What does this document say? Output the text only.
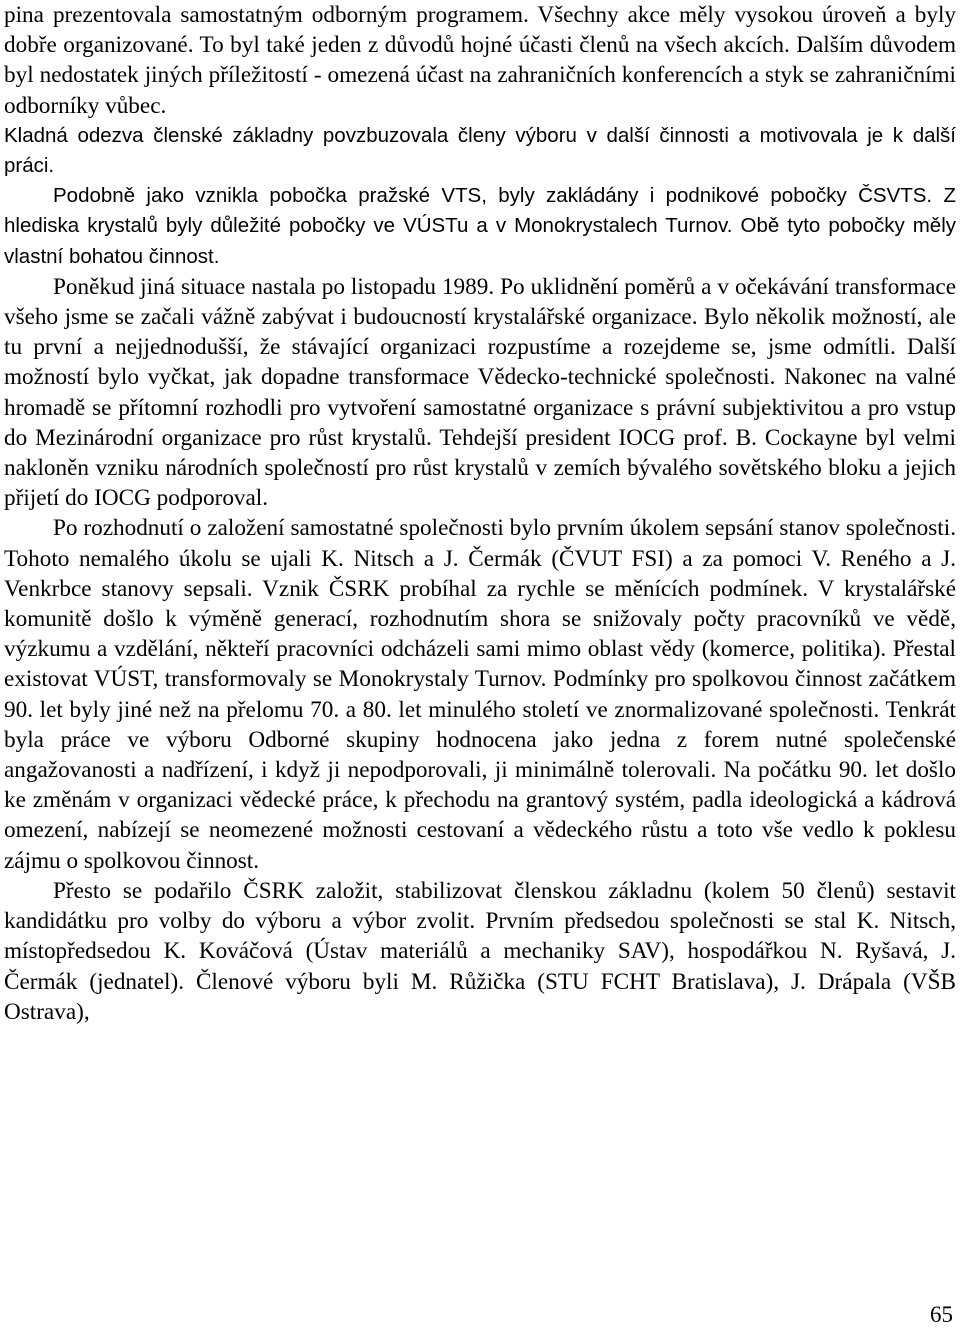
pina prezentovala samostatným odborným programem. Všechny akce měly vysokou úroveň a byly dobře organizované. To byl také jeden z důvodů hojné účasti členů na všech akcích. Dalším důvodem byl nedostatek jiných příležitostí - omezená účast na zahraničních konferencích a styk se zahraničními odborníky vůbec.

Kladná odezva členské základny povzbuzovala členy výboru v další činnosti a motivovala je k další práci.

Podobně jako vznikla pobočka pražské VTS, byly zakládány i podnikové pobočky ČSVTS. Z hlediska krystalů byly důležité pobočky ve VÚSTu a v Monokrystalech Turnov. Obě tyto pobočky měly vlastní bohatou činnost.

Poněkud jiná situace nastala po listopadu 1989. Po uklidnění poměrů a v očekávání transformace všeho jsme se začali vážně zabývat i budoucností krystalářské organizace. Bylo několik možností, ale tu první a nejjednodušší, že stávající organizaci rozpustíme a rozejdeme se, jsme odmítli. Další možností bylo vyčkat, jak dopadne transformace Vědecko-technické společnosti. Nakonec na valné hromadě se přítomní rozhodli pro vytvoření samostatné organizace s právní subjektivitou a pro vstup do Mezinárodní organizace pro růst krystalů. Tehdejší president IOCG prof. B. Cockayne byl velmi nakloněn vzniku národních společností pro růst krystalů v zemích bývalého sovětského bloku a jejich přijetí do IOCG podporoval.

Po rozhodnutí o založení samostatné společnosti bylo prvním úkolem sepsání stanov společnosti. Tohoto nemalého úkolu se ujali K. Nitsch a J. Čermák (ČVUT FSI) a za pomoci V. Reného a J. Venkrbce stanovy sepsali. Vznik ČSRK probíhal za rychle se měnících podmínek. V krystalářské komunitě došlo k výměně generací, rozhodnutím shora se snižovaly počty pracovníků ve vědě, výzkumu a vzdělání, někteří pracovníci odcházeli sami mimo oblast vědy (komerce, politika). Přestal existovat VÚST, transformovaly se Monokrystaly Turnov. Podmínky pro spolkovou činnost začátkem 90. let byly jiné než na přelomu 70. a 80. let minulého století ve znormalizované společnosti. Tenkrát byla práce ve výboru Odborné skupiny hodnocena jako jedna z forem nutné společenské angažovanosti a nadřízení, i když ji nepodporovali, ji minimálně tolerovali. Na počátku 90. let došlo ke změnám v organizaci vědecké práce, k přechodu na grantový systém, padla ideologická a kádrová omezení, nabízejí se neomezené možnosti cestovaní a vědeckého růstu a toto vše vedlo k poklesu zájmu o spolkovou činnost.

Přesto se podařilo ČSRK založit, stabilizovat členskou základnu (kolem 50 členů) sestavit kandidátku pro volby do výboru a výbor zvolit. Prvním předsedou společnosti se stal K. Nitsch, místopředsedou K. Kováčová (Ústav materiálů a mechaniky SAV), hospodářkou N. Ryšavá, J. Čermák (jednatel). Členové výboru byli M. Růžička (STU FCHT Bratislava), J. Drápala (VŠB Ostrava),

65
